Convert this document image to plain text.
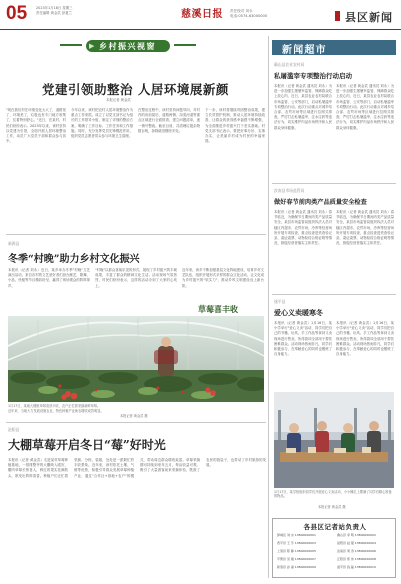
05	2023年1月18日 星期三
责任编辑 黄金武 彭夏兰	慈溪日报 责任校对 刘永
电话:0574-63000000	县区新闻
▶ 乡村振兴视窗
党建引领助整治 人居环境展新颜
本报记者 黄金武
"现在我们村庄环境变化太大了，道路宽了，环境美了，垃圾也有专门地方收集了，住着特别舒心。"近日，在某村，村民们纷纷表示。2023年以来，该村坚持以党建为引领，全面开展人居环境整治工作，动员广大党员干部和群众参与其中。
今年以来，该村把农村人居环境整治作为重点工作来抓，成立了以党支部书记为组长的工作领导小组，制定了详细的整治方案，明确了工作目标、工作任务和工作措施。同时，充分发挥党员先锋模范作用，组织党员志愿者带头参与环境卫生清理。
在整治过程中，该村坚持问题导向，对村内的房前屋后、道路两侧、沟渠河道等重点区域进行全面排查，建立问题清单，逐一销号整改。截至目前，共清理垃圾杂物数百吨，拆除破旧棚舍多处。
下一步，该村将继续巩固整治成果，建立长效管护机制，推动人居环境持续改善，让群众的获得感幸福感不断增强，为全面推进乡村振兴打下坚实基础。村党支部书记表示，要把好事办好、实事办实，让美丽乡村成为村民的幸福家园。
新源县
冬季“村晚”助力乡村文化振兴
本报讯（记者 刘永）近日，某乡举办冬季"村晚"文艺演出活动，来自各村的文艺爱好者们登台献艺，歌舞、小品、快板等节目精彩纷呈，赢得了现场观众的阵阵掌声。
"村晚"以群众喜闻乐见的形式，展现了乡村振兴的丰硕成果，丰富了群众的精神文化生活。活动现场气氛热烈，村民们纷纷表示，这样的活动办到了大家的心坎上。
近年来，该乡不断加强基层文化阵地建设，培育乡村文艺队伍，组织开展形式多样的群众文化活动，让文化成为乡村振兴的"软实力"，推动乡风文明建设迈上新台阶。
草莓喜丰收
1月17日，某地大棚里草莓喜获丰收，农户正忙着采摘新鲜草莓。
近年来，当地大力发展设施农业，特色种植产业助农增收成效明显。
本报记者 黄金武 摄
泌阳县
大棚草莓开启冬日“莓”好时光
本报讯（记者 黄金武）走进某村草莓种植基地，一排排整齐的大棚映入眼帘，棚内草莓长势喜人，鲜红的果实挂满枝头，散发出阵阵清香。种植户们正忙着采摘、分拣、装箱，处处是一派繁忙的丰收景象。近年来，该村依托土壤、气候等优势，积极引导群众发展草莓种植产业，通过"合作社+基地+农户"的模式，带动周边群众增收致富。草莓采摘期可持续到来年五月，每亩收益可观，吸引了大量游客前来采摘体验，既鼓了农民的钱袋子，也带动了乡村旅游的发展。
新闻超市
确山县农业农村局
私屠滥宰专项整治行动启动
本报讯（记者 黄金武 通讯员 刘永）为进一步加强生猪屠宰监管，保障群众吃上放心肉，近日，某县农业农村局联合市场监管、公安等部门，启动私屠滥宰专项整治行动。此次行动重点对城乡结合部、农贸市场等区域进行拉网式排查，严厉打击私屠滥宰、注水注药等违法行为，切实维护肉品市场秩序和人民群众身体健康。
本报讯（记者 黄金武 通讯员 刘永）为进一步加强生猪屠宰监管，保障群众吃上放心肉，近日，某县农业农村局联合市场监管、公安等部门，启动私屠滥宰专项整治行动。此次行动重点对城乡结合部、农贸市场等区域进行拉网式排查，严厉打击私屠滥宰、注水注药等违法行为，切实维护肉品市场秩序和人民群众身体健康。
汝南县市场监管局
做好春节前肉类产品质量安全检查
本报讯（记者 黄金武 通讯员 刘永）春节临近，为确保节日期间肉类产品质量安全，某县市场监管局组织执法人员对辖区内超市、农贸市场、冷库等经营场所开展专项检查，重点检查进货查验记录、索证索票、动物检疫合格证明等情况，督促经营者落实主体责任。
本报讯（记者 黄金武 通讯员 刘永）春节临近，为确保节日期间肉类产品质量安全，某县市场监管局组织执法人员对辖区内超市、农贸市场、冷库等经营场所开展专项检查，重点检查进货查验记录、索证索票、动物检疫合格证明等情况，督促经营者落实主体责任。
遂平县
爱心义卖暖寒冬
本报讯（记者 黄金武）1月16日，某小学举行"爱心义卖"活动，同学们把自己的书籍、玩具、手工作品等拿到义卖现场进行售卖，所得款项全部用于帮扶困难群众。活动现场热闹非凡，同学们积极参与，在奉献爱心的同时也锻炼了自身能力。
本报讯（记者 黄金武）1月16日，某小学举行"爱心义卖"活动，同学们把自己的书籍、玩具、手工作品等拿到义卖现场进行售卖，所得款项全部用于帮扶困难群众。活动现场热闹非凡，同学们积极参与，在奉献爱心的同时也锻炼了自身能力。
1月17日，某学校组织同学们开展爱心义卖活动，小小摊位上摆满了同学们精心准备的物品。
本报记者 黄金武 摄
各县区记者站负责人
驿城区 刘 永 13800000001	确山县 李 明 13800000002
西平县 王 芳 13800000003	泌阳县 赵 强 13800000004
上蔡县 陈 静 13800000005	汝南县 周 涛 13800000006
平舆县 吴 刚 13800000007	正阳县 郑 伟 13800000008
新蔡县 孙 丽 13800000009	遂平县 钱 磊 13800000010
